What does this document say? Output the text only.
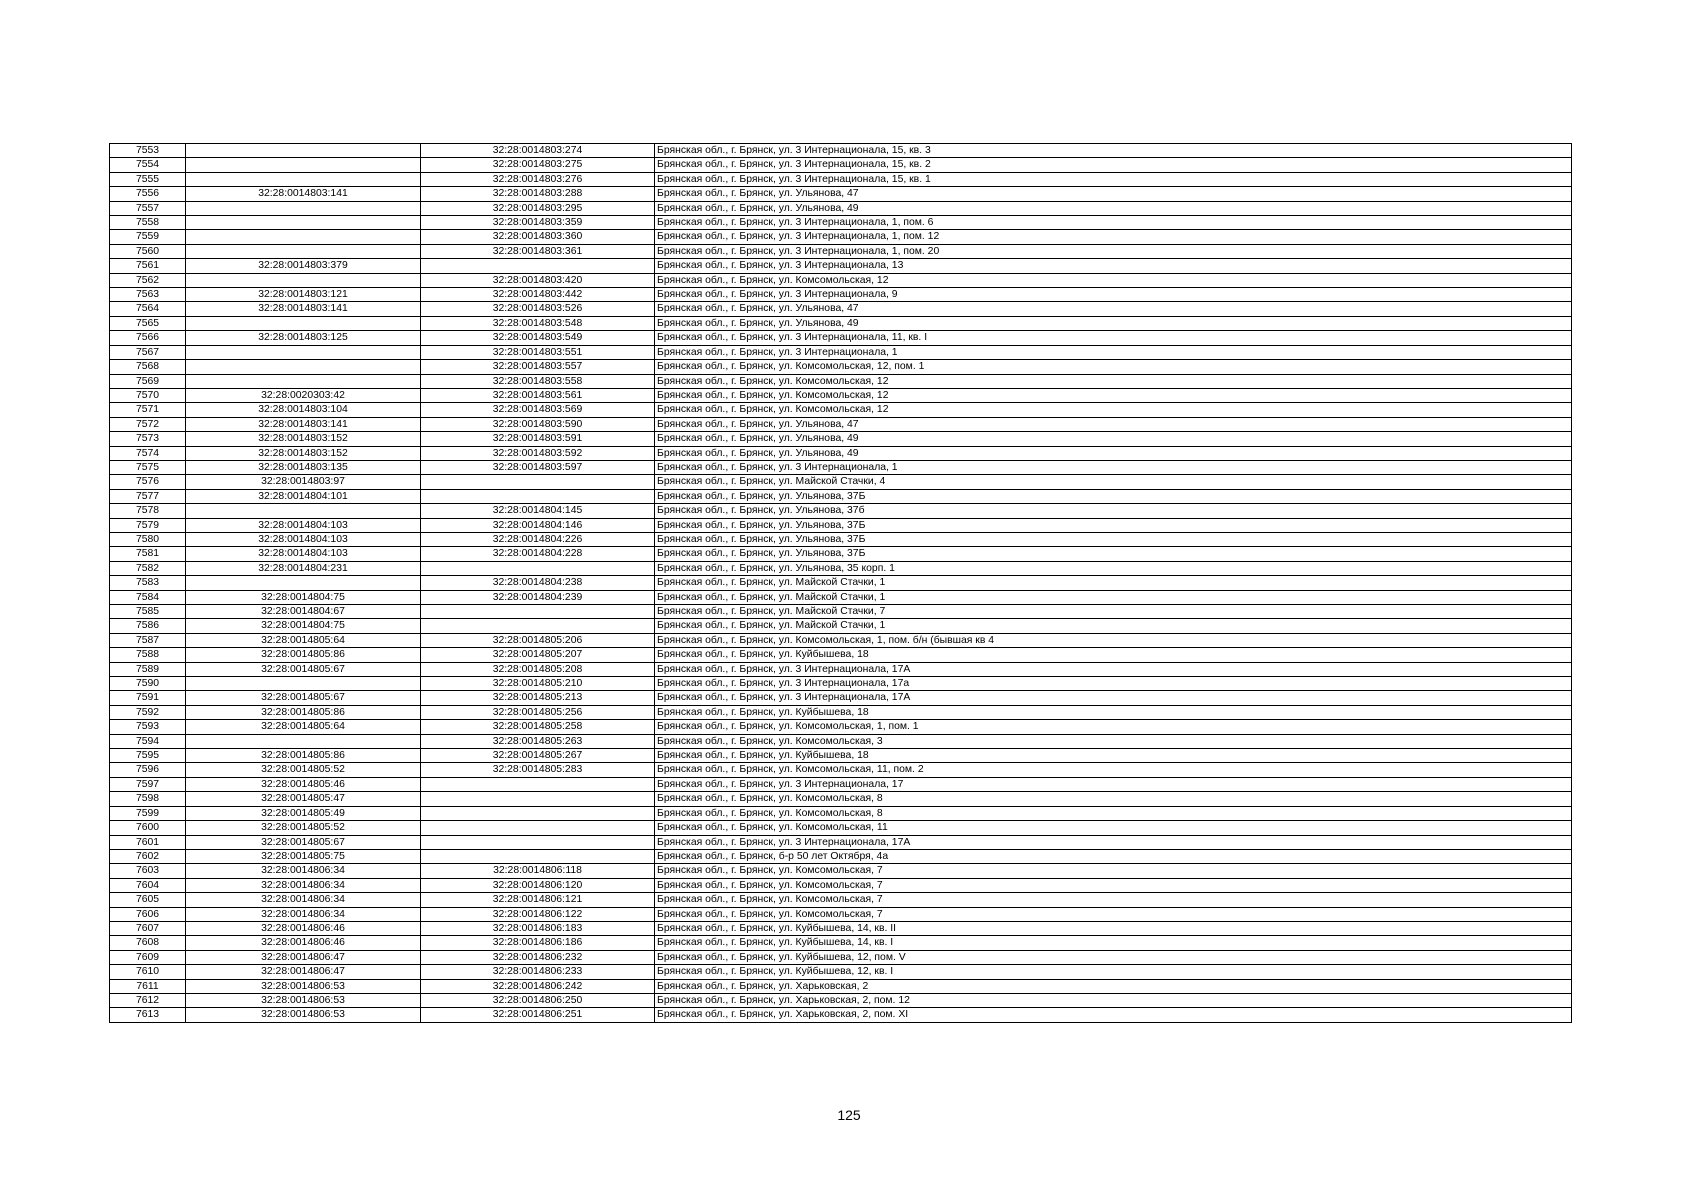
7553		32:28:0014803:274	Брянская обл., г. Брянск, ул. 3 Интернационала, 15, кв. 3
7554		32:28:0014803:275	Брянская обл., г. Брянск, ул. 3 Интернационала, 15, кв. 2
7555		32:28:0014803:276	Брянская обл., г. Брянск, ул. 3 Интернационала, 15, кв. 1
7556	32:28:0014803:141	32:28:0014803:288	Брянская обл., г. Брянск, ул. Ульянова, 47
7557		32:28:0014803:295	Брянская обл., г. Брянск, ул. Ульянова, 49
7558		32:28:0014803:359	Брянская обл., г. Брянск, ул. 3 Интернационала, 1, пом. 6
7559		32:28:0014803:360	Брянская обл., г. Брянск, ул. 3 Интернационала, 1, пом. 12
7560		32:28:0014803:361	Брянская обл., г. Брянск, ул. 3 Интернационала, 1, пом. 20
7561	32:28:0014803:379		Брянская обл., г. Брянск, ул. 3 Интернационала, 13
7562		32:28:0014803:420	Брянская обл., г. Брянск, ул. Комсомольская, 12
7563	32:28:0014803:121	32:28:0014803:442	Брянская обл., г. Брянск, ул. 3 Интернационала, 9
7564	32:28:0014803:141	32:28:0014803:526	Брянская обл., г. Брянск, ул. Ульянова, 47
7565		32:28:0014803:548	Брянская обл., г. Брянск, ул. Ульянова, 49
7566	32:28:0014803:125	32:28:0014803:549	Брянская обл., г. Брянск, ул. 3 Интернационала, 11, кв. I
7567		32:28:0014803:551	Брянская обл., г. Брянск, ул. 3 Интернационала, 1
7568		32:28:0014803:557	Брянская обл., г. Брянск, ул. Комсомольская, 12, пом. 1
7569		32:28:0014803:558	Брянская обл., г. Брянск, ул. Комсомольская, 12
7570	32:28:0020303:42	32:28:0014803:561	Брянская обл., г. Брянск, ул. Комсомольская, 12
7571	32:28:0014803:104	32:28:0014803:569	Брянская обл., г. Брянск, ул. Комсомольская, 12
7572	32:28:0014803:141	32:28:0014803:590	Брянская обл., г. Брянск, ул. Ульянова, 47
7573	32:28:0014803:152	32:28:0014803:591	Брянская обл., г. Брянск, ул. Ульянова, 49
7574	32:28:0014803:152	32:28:0014803:592	Брянская обл., г. Брянск, ул. Ульянова, 49
7575	32:28:0014803:135	32:28:0014803:597	Брянская обл., г. Брянск, ул. 3 Интернационала, 1
7576	32:28:0014803:97		Брянская обл., г. Брянск, ул. Майской Стачки, 4
7577	32:28:0014804:101		Брянская обл., г. Брянск, ул. Ульянова, 37Б
7578		32:28:0014804:145	Брянская обл., г. Брянск, ул. Ульянова, 37б
7579	32:28:0014804:103	32:28:0014804:146	Брянская обл., г. Брянск, ул. Ульянова, 37Б
7580	32:28:0014804:103	32:28:0014804:226	Брянская обл., г. Брянск, ул. Ульянова, 37Б
7581	32:28:0014804:103	32:28:0014804:228	Брянская обл., г. Брянск, ул. Ульянова, 37Б
7582	32:28:0014804:231		Брянская обл., г. Брянск, ул. Ульянова, 35 корп. 1
7583		32:28:0014804:238	Брянская обл., г. Брянск, ул. Майской Стачки, 1
7584	32:28:0014804:75	32:28:0014804:239	Брянская обл., г. Брянск, ул. Майской Стачки, 1
7585	32:28:0014804:67		Брянская обл., г. Брянск, ул. Майской Стачки, 7
7586	32:28:0014804:75		Брянская обл., г. Брянск, ул. Майской Стачки, 1
7587	32:28:0014805:64	32:28:0014805:206	Брянская обл., г. Брянск, ул. Комсомольская, 1, пом. б/н (бывшая кв 4
7588	32:28:0014805:86	32:28:0014805:207	Брянская обл., г. Брянск, ул. Куйбышева, 18
7589	32:28:0014805:67	32:28:0014805:208	Брянская обл., г. Брянск, ул. 3 Интернационала, 17А
7590		32:28:0014805:210	Брянская обл., г. Брянск, ул. 3 Интернационала, 17а
7591	32:28:0014805:67	32:28:0014805:213	Брянская обл., г. Брянск, ул. 3 Интернационала, 17А
7592	32:28:0014805:86	32:28:0014805:256	Брянская обл., г. Брянск, ул. Куйбышева, 18
7593	32:28:0014805:64	32:28:0014805:258	Брянская обл., г. Брянск, ул. Комсомольская, 1, пом. 1
7594		32:28:0014805:263	Брянская обл., г. Брянск, ул. Комсомольская, 3
7595	32:28:0014805:86	32:28:0014805:267	Брянская обл., г. Брянск, ул. Куйбышева, 18
7596	32:28:0014805:52	32:28:0014805:283	Брянская обл., г. Брянск, ул. Комсомольская, 11, пом. 2
7597	32:28:0014805:46		Брянская обл., г. Брянск, ул. 3 Интернационала, 17
7598	32:28:0014805:47		Брянская обл., г. Брянск, ул. Комсомольская, 8
7599	32:28:0014805:49		Брянская обл., г. Брянск, ул. Комсомольская, 8
7600	32:28:0014805:52		Брянская обл., г. Брянск, ул. Комсомольская, 11
7601	32:28:0014805:67		Брянская обл., г. Брянск, ул. 3 Интернационала, 17А
7602	32:28:0014805:75		Брянская обл., г. Брянск, б-р 50 лет Октября, 4а
7603	32:28:0014806:34	32:28:0014806:118	Брянская обл., г. Брянск, ул. Комсомольская, 7
7604	32:28:0014806:34	32:28:0014806:120	Брянская обл., г. Брянск, ул. Комсомольская, 7
7605	32:28:0014806:34	32:28:0014806:121	Брянская обл., г. Брянск, ул. Комсомольская, 7
7606	32:28:0014806:34	32:28:0014806:122	Брянская обл., г. Брянск, ул. Комсомольская, 7
7607	32:28:0014806:46	32:28:0014806:183	Брянская обл., г. Брянск, ул. Куйбышева, 14, кв. II
7608	32:28:0014806:46	32:28:0014806:186	Брянская обл., г. Брянск, ул. Куйбышева, 14, кв. I
7609	32:28:0014806:47	32:28:0014806:232	Брянская обл., г. Брянск, ул. Куйбышева, 12, пом. V
7610	32:28:0014806:47	32:28:0014806:233	Брянская обл., г. Брянск, ул. Куйбышева, 12, кв. I
7611	32:28:0014806:53	32:28:0014806:242	Брянская обл., г. Брянск, ул. Харьковская, 2
7612	32:28:0014806:53	32:28:0014806:250	Брянская обл., г. Брянск, ул. Харьковская, 2, пом. 12
7613	32:28:0014806:53	32:28:0014806:251	Брянская обл., г. Брянск, ул. Харьковская, 2, пом. XI
125
